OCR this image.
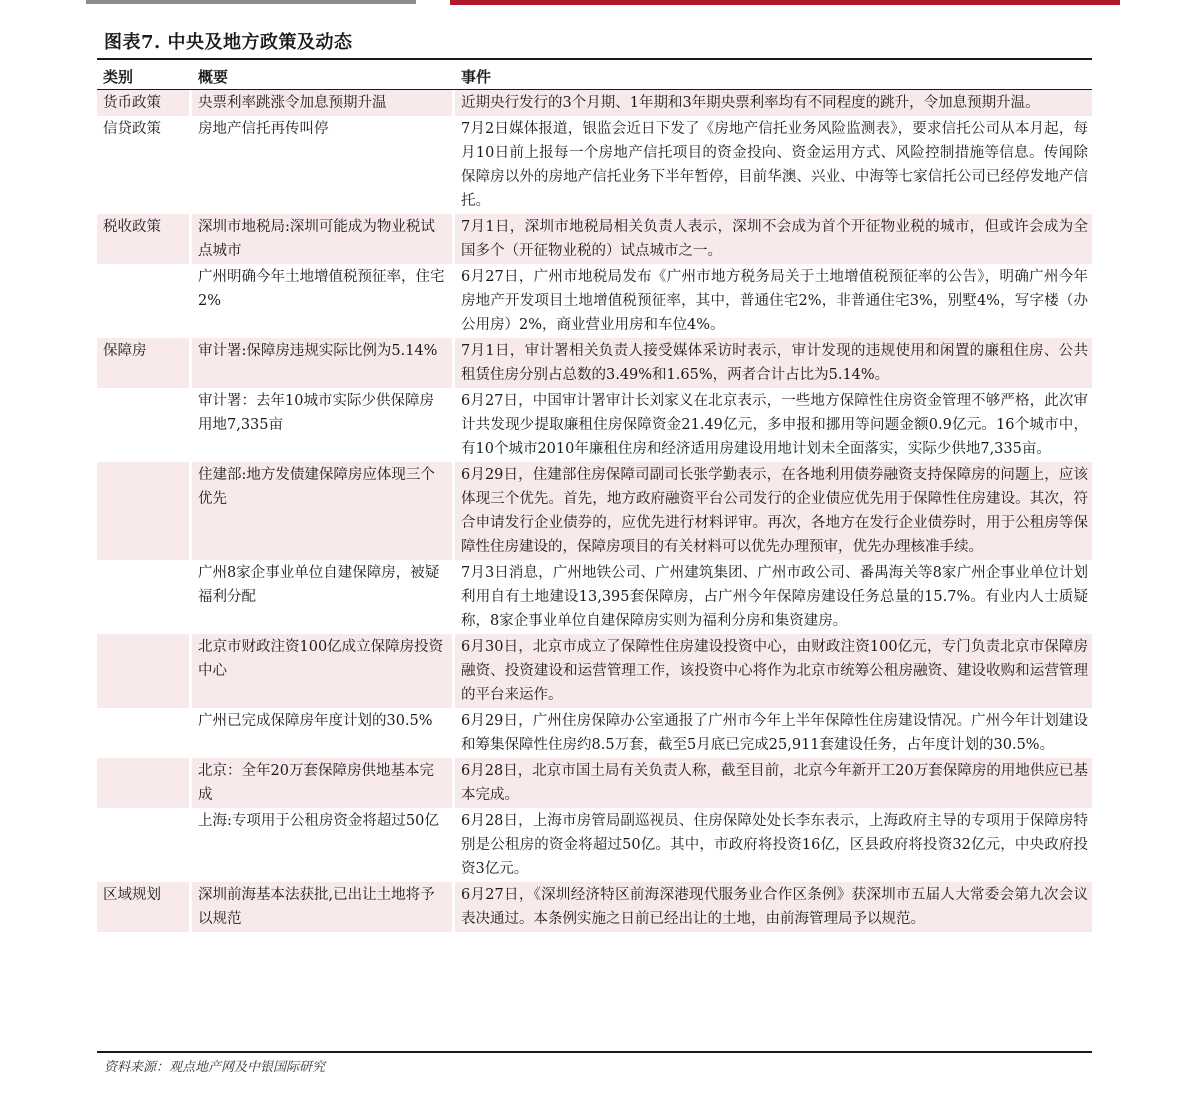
图表7. 中央及地方政策及动态
类别	概要	事件
货币政策	央票利率跳涨令加息预期升温	近期央行发行的3个月期、1年期和3年期央票利率均有不同程度的跳升，令加息预期升温。
信贷政策	房地产信托再传叫停	7月2日媒体报道，银监会近日下发了《房地产信托业务风险监测表》，要求信托公司从本月起，每月10日前上报每一个房地产信托项目的资金投向、资金运用方式、风险控制措施等信息。传闻除保障房以外的房地产信托业务下半年暂停，目前华澳、兴业、中海等七家信托公司已经停发地产信托。
税收政策	深圳市地税局:深圳可能成为物业税试点城市	7月1日，深圳市地税局相关负责人表示，深圳不会成为首个开征物业税的城市，但或许会成为全国多个（开征物业税的）试点城市之一。
	广州明确今年土地增值税预征率，住宅2%	6月27日，广州市地税局发布《广州市地方税务局关于土地增值税预征率的公告》，明确广州今年房地产开发项目土地增值税预征率，其中，普通住宅2%，非普通住宅3%，别墅4%，写字楼（办公用房）2%，商业营业用房和车位4%。
保障房	审计署:保障房违规实际比例为5.14%	7月1日，审计署相关负责人接受媒体采访时表示，审计发现的违规使用和闲置的廉租住房、公共租赁住房分别占总数的3.49%和1.65%，两者合计占比为5.14%。
	审计署：去年10城市实际少供保障房用地7,335亩	6月27日，中国审计署审计长刘家义在北京表示，一些地方保障性住房资金管理不够严格，此次审计共发现少提取廉租住房保障资金21.49亿元，多申报和挪用等问题金额0.9亿元。16个城市中，有10个城市2010年廉租住房和经济适用房建设用地计划未全面落实，实际少供地7,335亩。
	住建部:地方发债建保障房应体现三个优先	6月29日，住建部住房保障司副司长张学勤表示，在各地利用债券融资支持保障房的问题上，应该体现三个优先。首先，地方政府融资平台公司发行的企业债应优先用于保障性住房建设。其次，符合申请发行企业债券的，应优先进行材料评审。再次，各地方在发行企业债券时，用于公租房等保障性住房建设的，保障房项目的有关材料可以优先办理预审，优先办理核准手续。
	广州8家企事业单位自建保障房，被疑福利分配	7月3日消息，广州地铁公司、广州建筑集团、广州市政公司、番禺海关等8家广州企事业单位计划利用自有土地建设13,395套保障房，占广州今年保障房建设任务总量的15.7%。有业内人士质疑称，8家企事业单位自建保障房实则为福利分房和集资建房。
	北京市财政注资100亿成立保障房投资中心	6月30日，北京市成立了保障性住房建设投资中心，由财政注资100亿元，专门负责北京市保障房融资、投资建设和运营管理工作，该投资中心将作为北京市统筹公租房融资、建设收购和运营管理的平台来运作。
	广州已完成保障房年度计划的30.5%	6月29日，广州住房保障办公室通报了广州市今年上半年保障性住房建设情况。广州今年计划建设和筹集保障性住房约8.5万套，截至5月底已完成25,911套建设任务，占年度计划的30.5%。
	北京：全年20万套保障房供地基本完成	6月28日，北京市国土局有关负责人称，截至目前，北京今年新开工20万套保障房的用地供应已基本完成。
	上海:专项用于公租房资金将超过50亿	6月28日，上海市房管局副巡视员、住房保障处处长李东表示，上海政府主导的专项用于保障房特别是公租房的资金将超过50亿。其中，市政府将投资16亿，区县政府将投资32亿元，中央政府投资3亿元。
区域规划	深圳前海基本法获批,已出让土地将予以规范	6月27日，《深圳经济特区前海深港现代服务业合作区条例》获深圳市五届人大常委会第九次会议表决通过。本条例实施之日前已经出让的土地，由前海管理局予以规范。
资料来源：观点地产网及中银国际研究
